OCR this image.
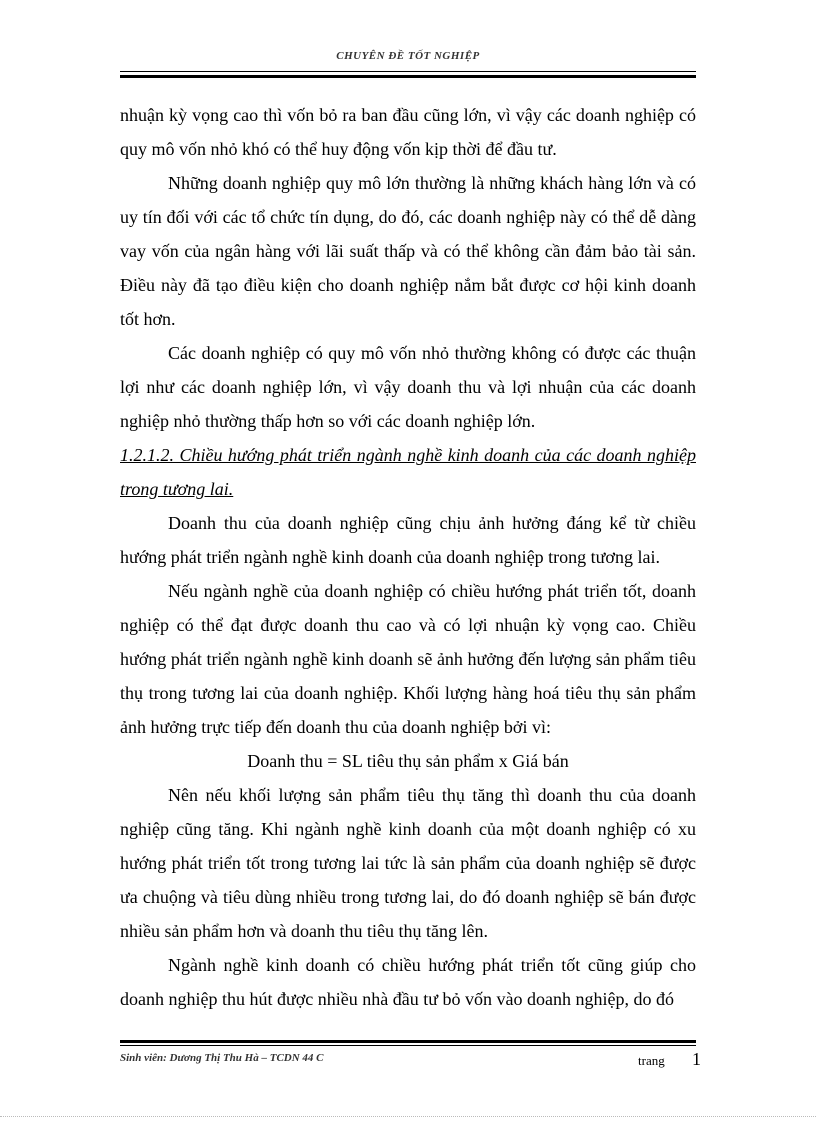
CHUYÊN ĐỀ TỐT NGHIỆP

nhuận kỳ vọng cao thì vốn bỏ ra ban đầu cũng lớn, vì vậy các doanh nghiệp có quy mô vốn nhỏ khó có thể huy động vốn kịp thời để đầu tư.

Những doanh nghiệp quy mô lớn thường là những khách hàng lớn và có uy tín đối với các tổ chức tín dụng, do đó, các doanh nghiệp này có thể dễ dàng vay vốn của ngân hàng với lãi suất thấp và có thể không cần đảm bảo tài sản. Điều này đã tạo điều kiện cho doanh nghiệp nắm bắt được cơ hội kinh doanh tốt hơn.

Các doanh nghiệp có quy mô vốn nhỏ thường không có được các thuận lợi như các doanh nghiệp lớn, vì vậy doanh thu và lợi nhuận của các doanh nghiệp nhỏ thường thấp hơn so với các doanh nghiệp lớn.

1.2.1.2. Chiều hướng phát triển ngành nghề kinh doanh của các doanh nghiệp trong tương lai.

Doanh thu của doanh nghiệp cũng chịu ảnh hưởng đáng kể từ chiều hướng phát triển ngành nghề kinh doanh của doanh nghiệp trong tương lai.

Nếu ngành nghề của doanh nghiệp có chiều hướng phát triển tốt, doanh nghiệp có thể đạt được doanh thu cao và có lợi nhuận kỳ vọng cao. Chiều hướng phát triển ngành nghề kinh doanh sẽ ảnh hưởng đến lượng sản phẩm tiêu thụ trong tương lai của doanh nghiệp. Khối lượng hàng hoá tiêu thụ sản phẩm ảnh hưởng trực tiếp đến doanh thu của doanh nghiệp bởi vì:

Doanh thu = SL tiêu thụ sản phẩm x Giá bán

Nên nếu khối lượng sản phẩm tiêu thụ tăng thì doanh thu của doanh nghiệp cũng tăng. Khi ngành nghề kinh doanh của một doanh nghiệp có xu hướng phát triển tốt trong tương lai tức là sản phẩm của doanh nghiệp sẽ được ưa chuộng và tiêu dùng nhiều trong tương lai, do đó doanh nghiệp sẽ bán được nhiều sản phẩm hơn và doanh thu tiêu thụ tăng lên.

Ngành nghề kinh doanh có chiều hướng phát triển tốt cũng giúp cho doanh nghiệp thu hút được nhiều nhà đầu tư bỏ vốn vào doanh nghiệp, do đó

Sinh viên: Dương Thị Thu Hà – TCDN 44 C	trang 1
